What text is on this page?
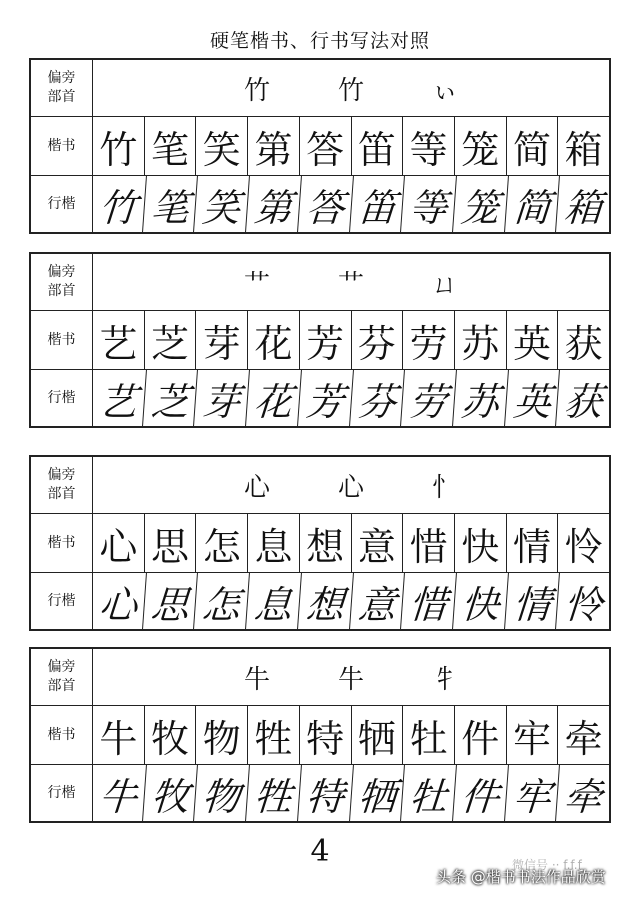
硬笔楷书、行书写法对照
偏旁
部首	竹	竹	ぃ
楷书 竹 笔 笑 第 答 笛 等 笼 简 箱
行楷 竹 笔 笑 第 答 笛 等 笼 简 箱
偏旁
部首	艹	艹	ㄩ
楷书 艺 芝 芽 花 芳 芬 劳 苏 英 获
行楷 艺 芝 芽 花 芳 芬 劳 苏 英 获
偏旁
部首	心	心	忄
楷书 心 思 怎 息 想 意 惜 快 情 怜
行楷 心 思 怎 息 想 意 惜 快 情 怜
偏旁
部首	牛	牛	牜
楷书 牛 牧 物 牲 特 牺 牡 件 牢 牵
行楷 牛 牧 物 牲 特 牺 牡 件 牢 牵
4	微信号 ·· f.f.f
头条 @楷书书法作品欣赏
